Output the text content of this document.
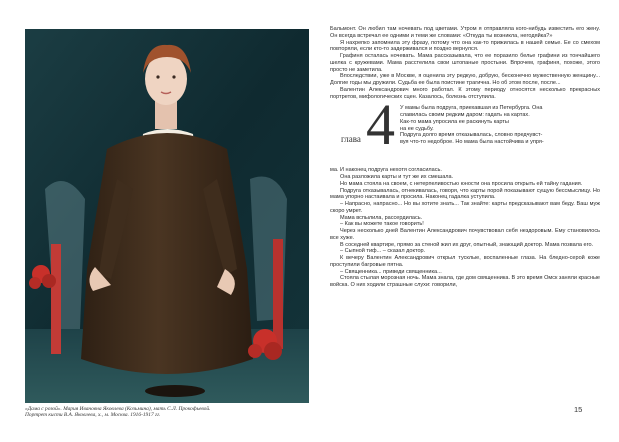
«Дама с розой». Мария Ивановна Яковлева (Козьмина), мать С.Л. Прокофьевой.
Портрет кисти В.А. Яковлева, х., м. Москва. 1916-1917 гг.

Бальмонт. Он любил там ночевать под цветами. Утром я отправляла кого-нибудь известить его жену. Он всегда встречал ее одними и теми же словами: «Откуда ты возникла, негодяйка?»

Я нахрепко запомнила эту фразу, потому что она как-то прижилась в нашей семье. Ее со смехом повторяли, если кто-то задерживался и поздно вернулся.

Графиня осталась ночевать. Мама рассказывала, что ее поразило белье графини из тончайшего шелка с кружевами. Мама расстелила свои штопаные простыни. Впрочем, графиня, похоже, этого просто не заметила.

Впоследствии, уже в Москве, я оценила эту редкую, добрую, бесконечно мужественную женщину... Долгие годы мы дружили. Судьба ее была поистине трагична. Но об этом после, после...

Валентин Александрович много работал. К этому периоду относятся несколько прекрасных портретов, мифологических сцен. Казалось, болезнь отступила.

глава 4 У мамы была подруга, приехавшая из Петербурга. Она
славилась своим редким даром: гадать на картах.
Как-то мама упросила ее раскинуть карты
на ее судьбу.
Подруга долго время отказывалась, словно предчувст-
вуя что-то недоброе. Но мама была настойчива и упря-

ма. И наконец подруга нехотя согласилась.

Она разложила карты и тут же их смешала.

Но мама стояла на своем, с нетерпеливостью юности она просила открыть ей тайну гадания.

Подруга отказывалась, отнекивалась, говоря, что карты порой показывают сущую бессмыслицу. Но мама упорно настаивала и просила. Наконец гадалка уступила.

– Напрасно, напрасно... Но вы хотите знать... Так знайте: карты предсказывают вам беду. Ваш муж скоро умрет.

Мама вспылила, рассердилась.

– Как вы можете такое говорить!

Через несколько дней Валентин Александрович почувствовал себя нездоровым. Ему становилось все хуже.

В соседней квартире, прямо за стеной жил их друг, опытный, знающий доктор. Мама позвала его.

– Сыпной тиф... – сказал доктор.

К вечеру Валентин Александрович открыл тусклые, воспаленные глаза. На бледно-серой коже проступили багровые пятна.

– Священника... приведи священника...

Стояла стылая морозная ночь. Мама знала, где дом священника. В это время Омск заняли красные войска. О них ходили страшные слухи: говорили,

15
